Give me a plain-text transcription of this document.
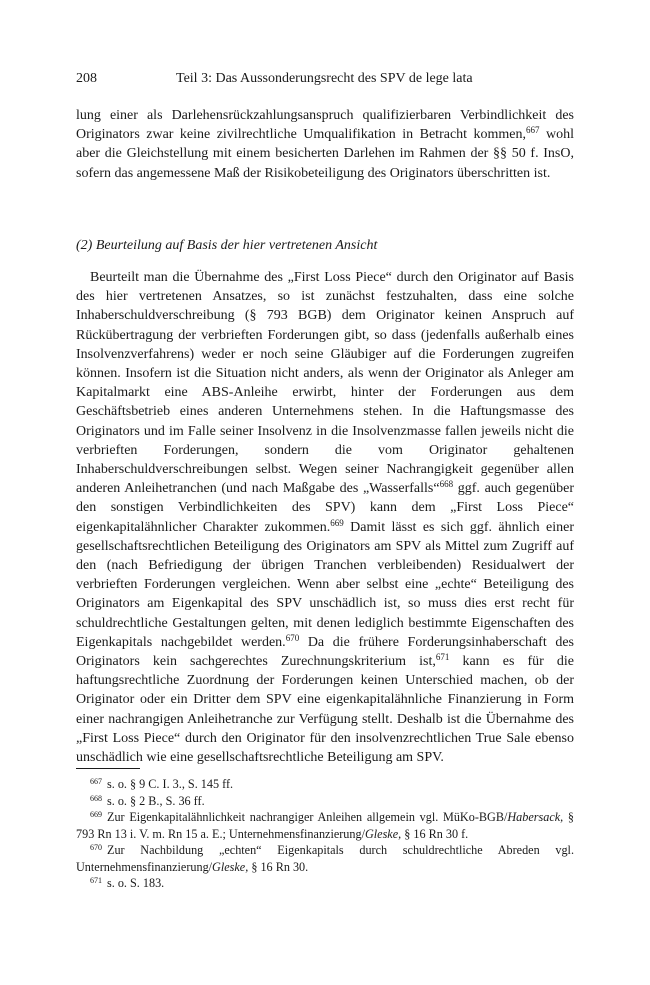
208	Teil 3: Das Aussonderungsrecht des SPV de lege lata

lung einer als Darlehensrückzahlungsanspruch qualifizierbaren Verbindlichkeit des Originators zwar keine zivilrechtliche Umqualifikation in Betracht kommen,$^{667}$ wohl aber die Gleichstellung mit einem besicherten Darlehen im Rahmen der §§ 50 f. InsO, sofern das angemessene Maß der Risikobeteiligung des Originators überschritten ist.

(2) Beurteilung auf Basis der hier vertretenen Ansicht

Beurteilt man die Übernahme des „First Loss Piece“ durch den Originator auf Basis des hier vertretenen Ansatzes, so ist zunächst festzuhalten, dass eine solche Inhaberschuldverschreibung (§ 793 BGB) dem Originator keinen Anspruch auf Rückübertragung der verbrieften Forderungen gibt, so dass (jedenfalls außerhalb eines Insolvenzverfahrens) weder er noch seine Gläubiger auf die Forderungen zugreifen können. Insofern ist die Situation nicht anders, als wenn der Originator als Anleger am Kapitalmarkt eine ABS-Anleihe erwirbt, hinter der Forderungen aus dem Geschäftsbetrieb eines anderen Unternehmens stehen. In die Haftungsmasse des Originators und im Falle seiner Insolvenz in die Insolvenzmasse fallen jeweils nicht die verbrieften Forderungen, sondern die vom Originator gehaltenen Inhaberschuldverschreibungen selbst. Wegen seiner Nachrangigkeit gegenüber allen anderen Anleihetranchen (und nach Maßgabe des „Wasserfalls“$^{668}$ ggf. auch gegenüber den sonstigen Verbindlichkeiten des SPV) kann dem „First Loss Piece“ eigenkapitalähnlicher Charakter zukommen.$^{669}$ Damit lässt es sich ggf. ähnlich einer gesellschaftsrechtlichen Beteiligung des Originators am SPV als Mittel zum Zugriff auf den (nach Befriedigung der übrigen Tranchen verbleibenden) Residualwert der verbrieften Forderungen vergleichen. Wenn aber selbst eine „echte“ Beteiligung des Originators am Eigenkapital des SPV unschädlich ist, so muss dies erst recht für schuldrechtliche Gestaltungen gelten, mit denen lediglich bestimmte Eigenschaften des Eigenkapitals nachgebildet werden.$^{670}$ Da die frühere Forderungsinhaberschaft des Originators kein sachgerechtes Zurechnungskriterium ist,$^{671}$ kann es für die haftungsrechtliche Zuordnung der Forderungen keinen Unterschied machen, ob der Originator oder ein Dritter dem SPV eine eigenkapitalähnliche Finanzierung in Form einer nachrangigen Anleihetranche zur Verfügung stellt. Deshalb ist die Übernahme des „First Loss Piece“ durch den Originator für den insolvenzrechtlichen True Sale ebenso unschädlich wie eine gesellschaftsrechtliche Beteiligung am SPV.

$^{667}$ s. o. § 9 C. I. 3., S. 145 ff.

$^{668}$ s. o. § 2 B., S. 36 ff.

$^{669}$ Zur Eigenkapitalähnlichkeit nachrangiger Anleihen allgemein vgl. MüKo-BGB/Habersack, § 793 Rn 13 i. V. m. Rn 15 a. E.; Unternehmensfinanzierung/Gleske, § 16 Rn 30 f.

$^{670}$ Zur Nachbildung „echten“ Eigenkapitals durch schuldrechtliche Abreden vgl. Unternehmensfinanzierung/Gleske, § 16 Rn 30.

$^{671}$ s. o. S. 183.
